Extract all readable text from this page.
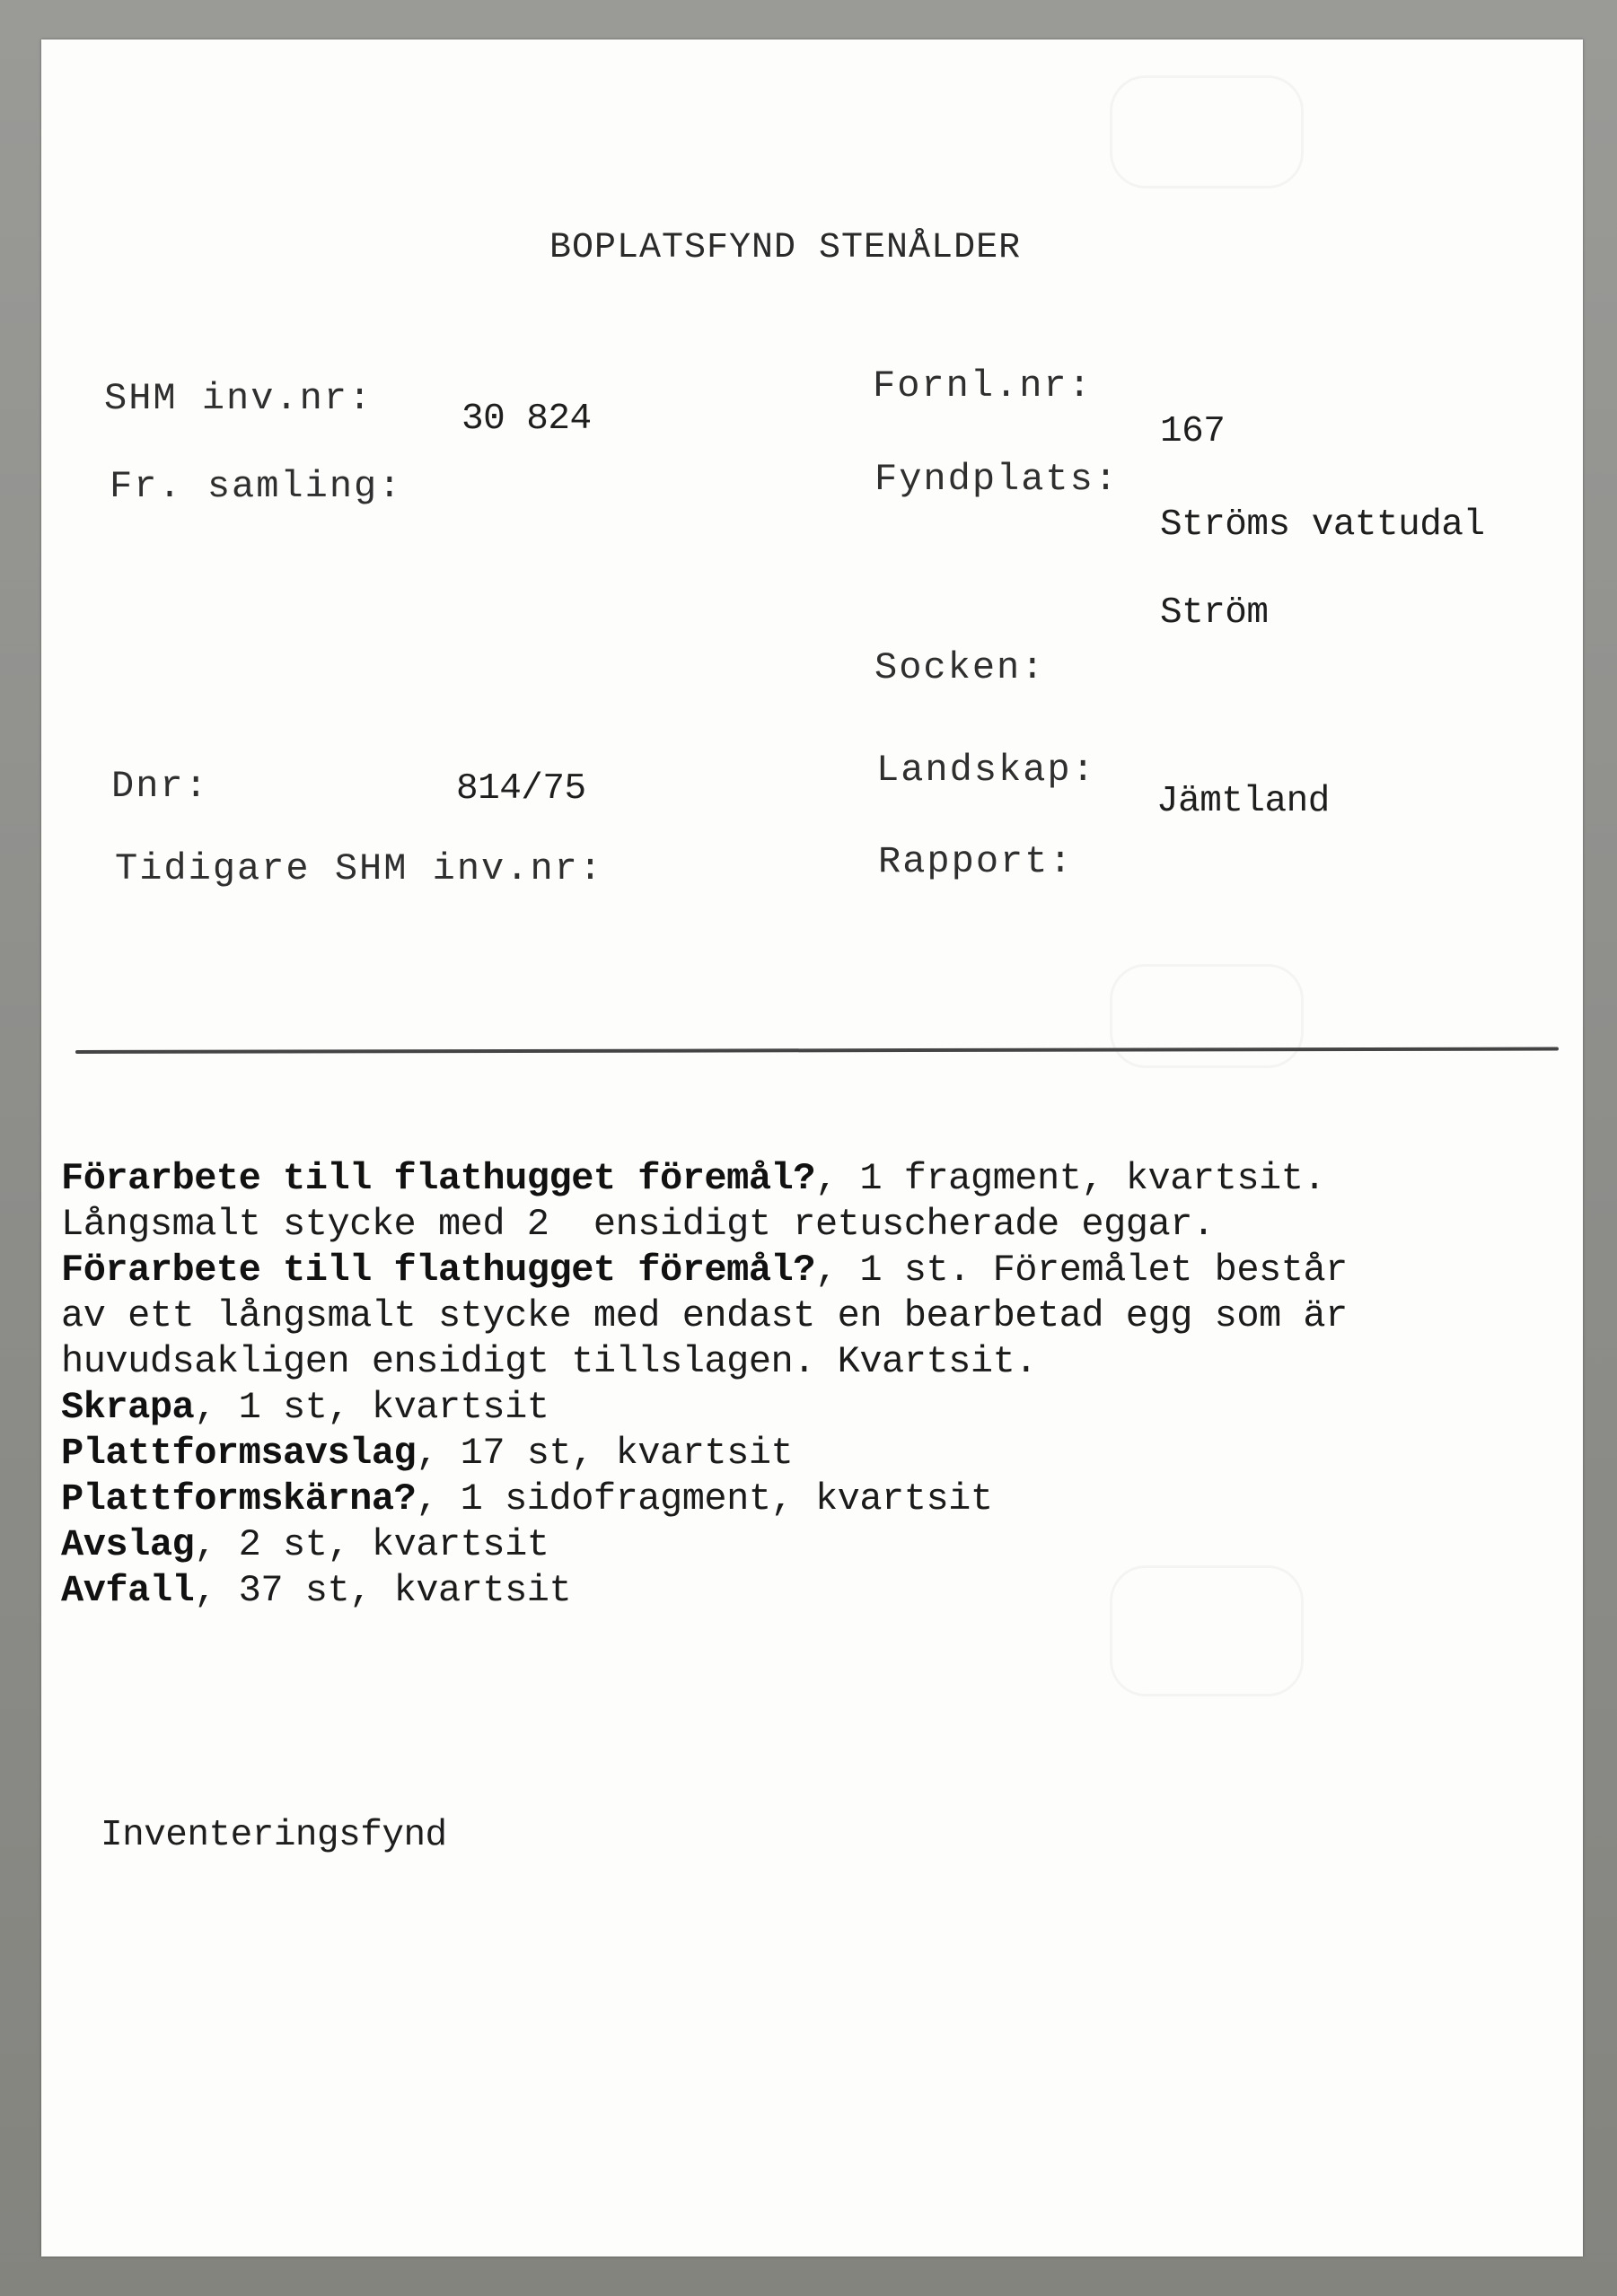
BOPLATSFYND STENÅLDER
SHM inv.nr: 30 824
Fr. samling:
Dnr:	814/75
Tidigare SHM inv.nr:
Fornl.nr:
167
Fyndplats:
Ströms vattudal
Ström
Socken:
Landskap:
Jämtland
Rapport:
Förarbete till flathugget föremål?, 1 fragment, kvartsit.
Långsmalt stycke med 2  ensidigt retuscherade eggar.
Förarbete till flathugget föremål?, 1 st. Föremålet består
av ett långsmalt stycke med endast en bearbetad egg som är
huvudsakligen ensidigt tillslagen. Kvartsit.
Skrapa, 1 st, kvartsit
Plattformsavslag, 17 st, kvartsit
Plattformskärna?, 1 sidofragment, kvartsit
Avslag, 2 st, kvartsit
Avfall, 37 st, kvartsit
Inventeringsfynd
